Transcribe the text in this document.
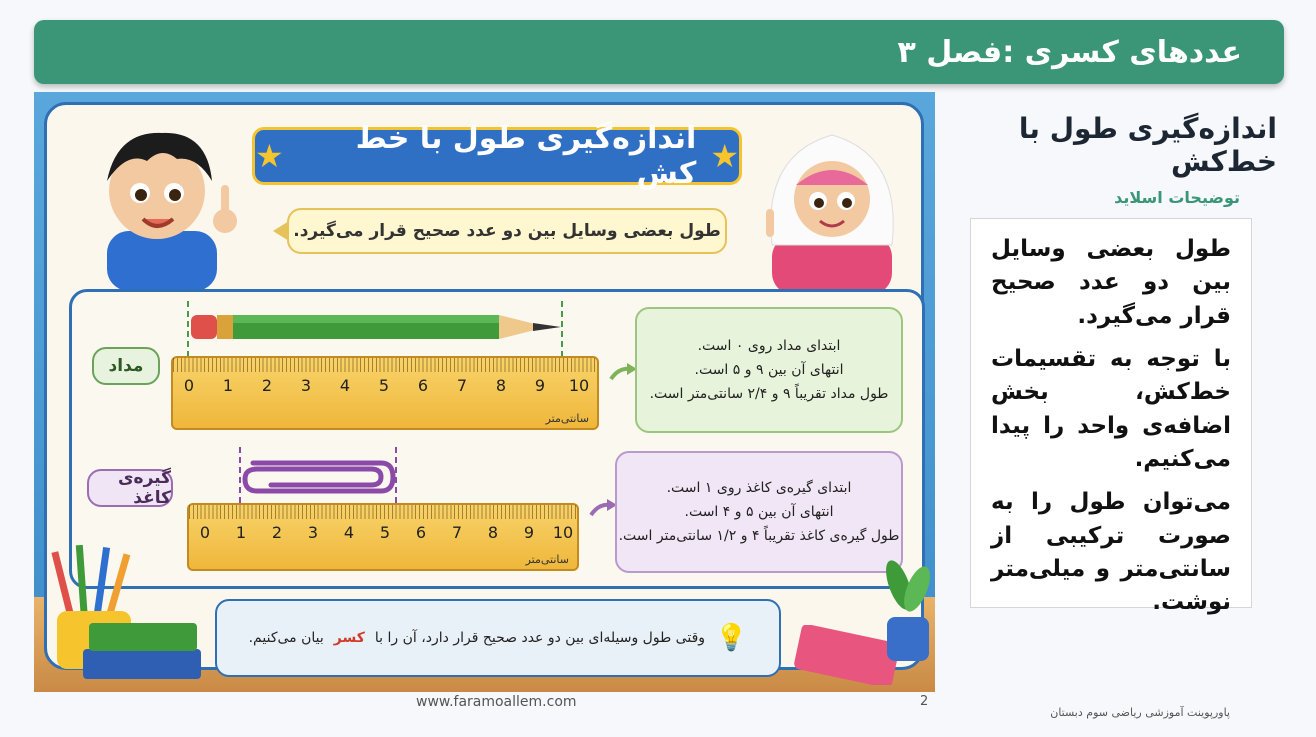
عددهای کسری :فصل ۳
★	اندازه‌گیری طول با خط کش ★
طول بعضی وسایل بین دو عدد صحیح قرار می‌گیرد.
مداد
0 1 2 3 4 5 6 7 8 9 10
سانتی‌متر
ابتدای مداد روی ۰ است.
انتهای آن بین ۹ و ۵ است.
طول مداد تقریباً ۹ و ۲/۴ سانتی‌متر است.
گیره‌ی کاغذ
0 1 2 3 4 5 6 7 8 9 10
سانتی‌متر
ابتدای گیره‌ی کاغذ روی ۱ است.
انتهای آن بین ۵ و ۴ است.
طول گیره‌ی کاغذ تقریباً ۴ و ۱/۲ سانتی‌متر است.
💡
وقتی طول وسیله‌ای بین دو عدد صحیح قرار دارد، آن را با
کسر
بیان می‌کنیم.
اندازه‌گیری طول با خط‌کش
توضیحات اسلاید

طول بعضی وسایل بین دو عدد صحیح قرار می‌گیرد.

با توجه به تقسیمات خط‌کش، بخش اضافه‌ی واحد را پیدا می‌کنیم.

می‌توان طول را به صورت ترکیبی از سانتی‌متر و میلی‌متر نوشت.

www.faramoallem.com	2
پاورپوینت آموزشی ریاضی سوم دبستان
